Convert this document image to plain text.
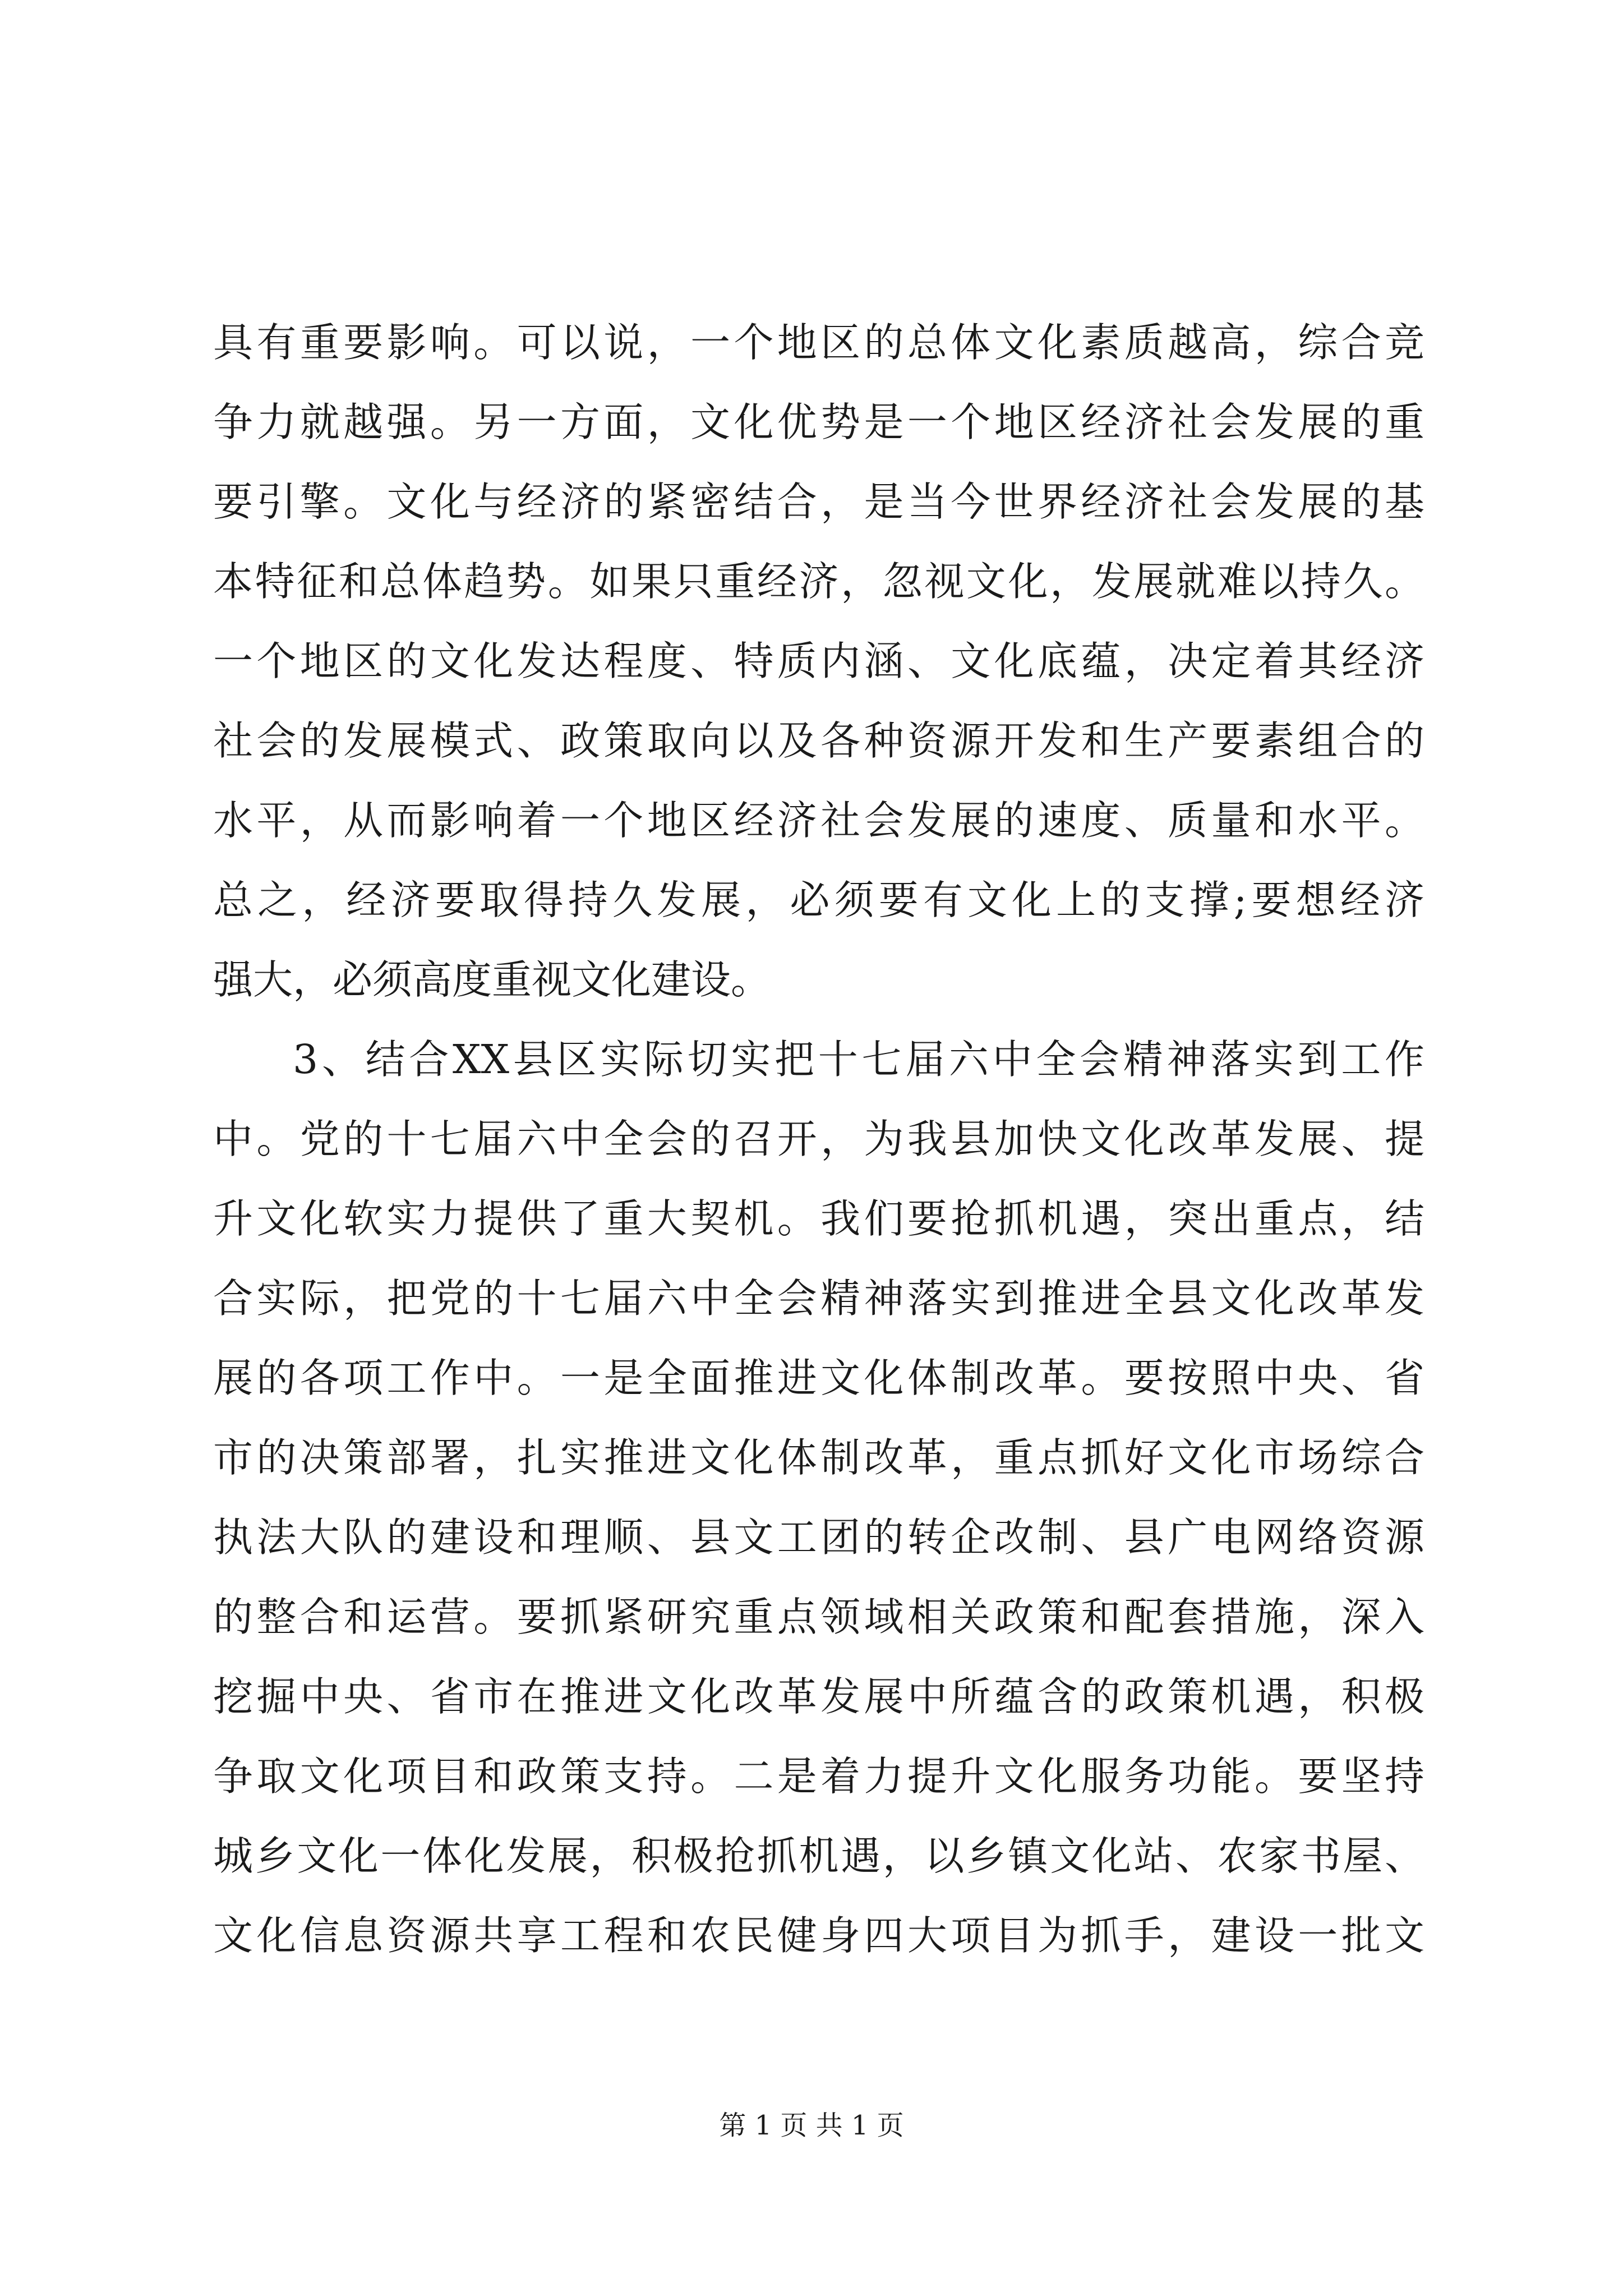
具有重要影响。可以说，一个地区的总体文化素质越高，综合竞
争力就越强。另一方面，文化优势是一个地区经济社会发展的重
要引擎。文化与经济的紧密结合，是当今世界经济社会发展的基
本特征和总体趋势。如果只重经济，忽视文化，发展就难以持久。
一个地区的文化发达程度、特质内涵、文化底蕴，决定着其经济
社会的发展模式、政策取向以及各种资源开发和生产要素组合的
水平，从而影响着一个地区经济社会发展的速度、质量和水平。
总之，经济要取得持久发展，必须要有文化上的支撑;要想经济
强大，必须高度重视文化建设。
3、结合XX县区实际切实把十七届六中全会精神落实到工作
中。党的十七届六中全会的召开，为我县加快文化改革发展、提
升文化软实力提供了重大契机。我们要抢抓机遇，突出重点，结
合实际，把党的十七届六中全会精神落实到推进全县文化改革发
展的各项工作中。一是全面推进文化体制改革。要按照中央、省
市的决策部署，扎实推进文化体制改革，重点抓好文化市场综合
执法大队的建设和理顺、县文工团的转企改制、县广电网络资源
的整合和运营。要抓紧研究重点领域相关政策和配套措施，深入
挖掘中央、省市在推进文化改革发展中所蕴含的政策机遇，积极
争取文化项目和政策支持。二是着力提升文化服务功能。要坚持
城乡文化一体化发展，积极抢抓机遇，以乡镇文化站、农家书屋、
文化信息资源共享工程和农民健身四大项目为抓手，建设一批文
第 1 页 共 1 页
